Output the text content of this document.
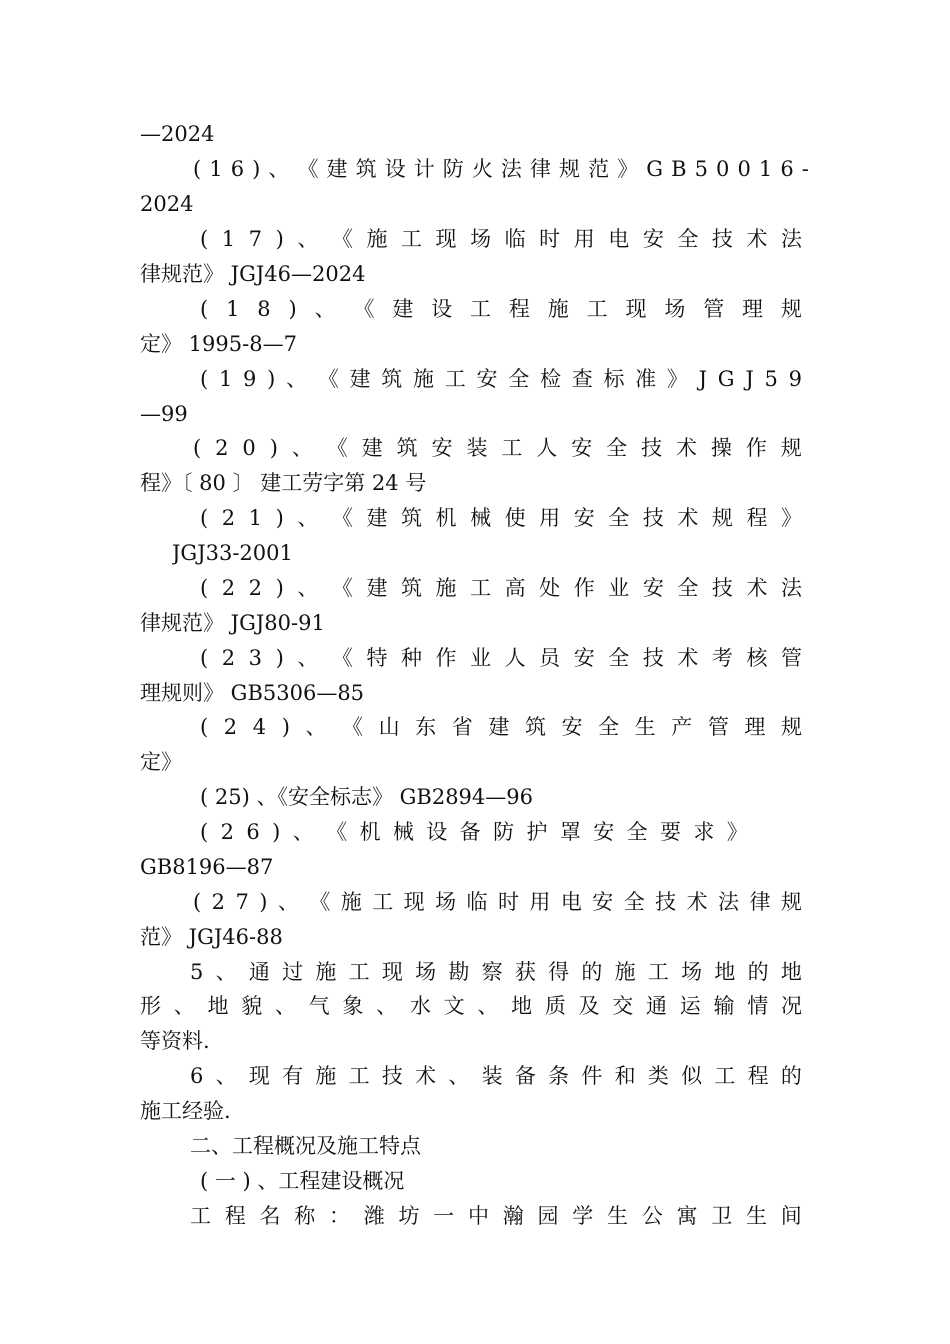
—2024
( 1 6 ) 、 《 建 筑 设 计 防 火 法 律 规 范 》 G B 5 0 0 1 6 -
2024
( 1 7 ) 、 《 施 工 现 场 临 时 用 电 安 全 技 术 法
律规范》 JGJ46—2024
( 1 8 ) 、 《 建 设 工 程 施 工 现 场 管 理 规
定》 1995-8—7
( 1 9 ) 、 《 建 筑 施 工 安 全 检 查 标 准 》 J G J 5 9
—99
( 2 0 ) 、 《 建 筑 安 装 工 人 安 全 技 术 操 作 规
程》〔 80 〕 建工劳字第 24 号
( 2 1 ) 、 《 建 筑 机 械 使 用 安 全 技 术 规 程 》
JGJ33-2001
( 2 2 ) 、 《 建 筑 施 工 高 处 作 业 安 全 技 术 法
律规范》 JGJ80-91
( 2 3 ) 、 《 特 种 作 业 人 员 安 全 技 术 考 核 管
理规则》 GB5306—85
( 2 4 ) 、 《 山 东 省 建 筑 安 全 生 产 管 理 规
定》
( 25) 、《安全标志》 GB2894—96
( 2 6 ) 、 《 机 械 设 备 防 护 罩 安 全 要 求 》
GB8196—87
( 2 7 ) 、 《 施 工 现 场 临 时 用 电 安 全 技 术 法 律 规
范》 JGJ46-88
5 、 通 过 施 工 现 场 勘 察 获 得 的 施 工 场 地 的 地
形 、 地 貌 、 气 象 、 水 文 、 地 质 及 交 通 运 输 情 况
等资料.
6 、 现 有 施 工 技 术 、 装 备 条 件 和 类 似 工 程 的
施工经验.
二、工程概况及施工特点
( 一 ) 、工程建设概况
工 程 名 称 ： 潍 坊 一 中 瀚 园 学 生 公 寓 卫 生 间
